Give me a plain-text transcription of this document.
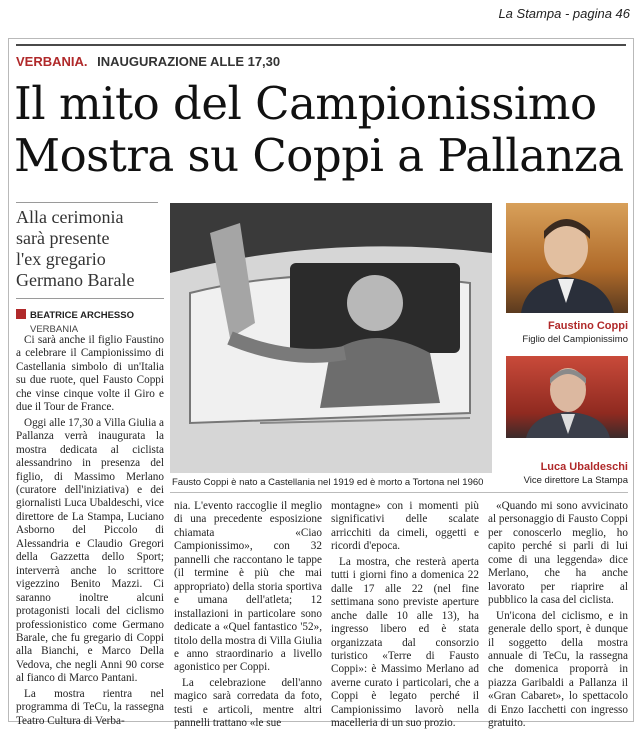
La Stampa - pagina 46
VERBANIA. INAUGURAZIONE ALLE 17,30
Il mito del Campionissimo
Mostra su Coppi a Pallanza
Alla cerimonia
sarà presente
l'ex gregario
Germano Barale
BEATRICE ARCHESSO
VERBANIA

Ci sarà anche il figlio Faustino a celebrare il Campionissimo di Castellania simbolo di un'Italia su due ruote, quel Fausto Coppi che vinse cinque volte il Giro e due il Tour de France.

Oggi alle 17,30 a Villa Giulia a Pallanza verrà inaugurata la mostra dedicata al ciclista alessandrino in presenza del figlio, di Massimo Merlano (curatore dell'iniziativa) e dei giornalisti Luca Ubaldeschi, vice direttore de La Stampa, Luciano Asborno del Piccolo di Alessandria e Claudio Gregori della Gazzetta dello Sport; interverrà anche lo scrittore vigezzino Benito Mazzi. Ci saranno inoltre alcuni protagonisti locali del ciclismo professionistico come Germano Barale, che fu gregario di Coppi alla Bianchi, e Marco Della Vedova, che negli Anni 90 corse al fianco di Marco Pantani.

La mostra rientra nel programma di TeCu, la rassegna Teatro Cultura di Verba-

Fausto Coppi è nato a Castellania nel 1919 ed è morto a Tortona nel 1960
Faustino Coppi
Figlio del Campionissimo
Luca Ubaldeschi
Vice direttore La Stampa

nia. L'evento raccoglie il meglio di una precedente esposizione chiamata «Ciao Campionissimo», con 32 pannelli che raccontano le tappe (il termine è più che mai appropriato) della storia sportiva e umana dell'atleta; 12 installazioni in particolare sono dedicate a «Quel fantastico '52», titolo della mostra di Villa Giulia e anno straordinario a livello agonistico per Coppi.

La celebrazione dell'anno magico sarà corredata da foto, testi e articoli, mentre altri pannelli trattano «le sue

montagne» con i momenti più significativi delle scalate arricchiti da cimeli, oggetti e ricordi d'epoca.

La mostra, che resterà aperta tutti i giorni fino a domenica 22 dalle 17 alle 22 (nel fine settimana sono previste aperture anche dalle 10 alle 13), ha ingresso libero ed è stata organizzata dal consorzio turistico «Terre di Fausto Coppi»: è Massimo Merlano ad averne curato i particolari, che a Coppi è legato perché il Campionissimo lavorò nella macelleria di un suo prozio.

«Quando mi sono avvicinato al personaggio di Fausto Coppi per conoscerlo meglio, ho capito perché si parli di lui come di una leggenda» dice Merlano, che ha anche lavorato per riaprire al pubblico la casa del ciclista.

Un'icona del ciclismo, e in generale dello sport, è dunque il soggetto della mostra annuale di TeCu, la rassegna che domenica proporrà in piazza Garibaldi a Pallanza il «Gran Cabaret», lo spettacolo di Enzo Iacchetti con ingresso gratuito.
